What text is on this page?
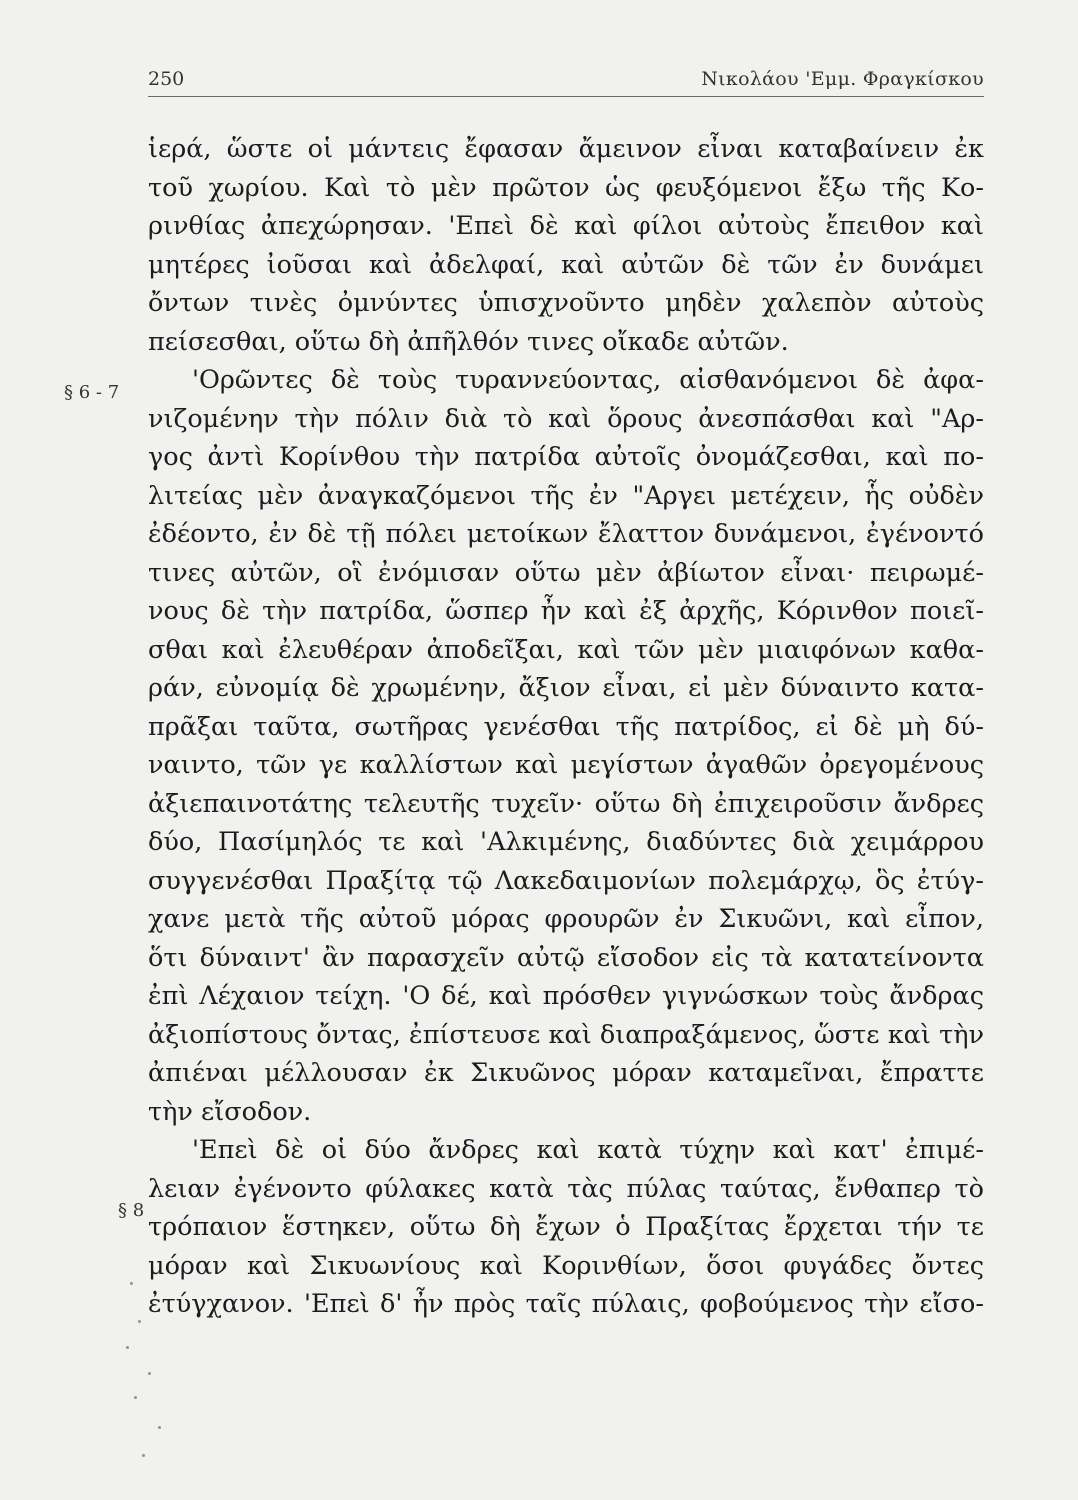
250	Νικολάου 'Εμμ. Φραγκίσκου
§ 6 - 7
§ 8
ἱερά, ὥστε οἱ μάντεις ἔφασαν ἄμεινον εἶναι καταβαίνειν ἐκ
τοῦ χωρίου. Καὶ τὸ μὲν πρῶτον ὡς φευξόμενοι ἔξω τῆς Κο-
ρινθίας ἀπεχώρησαν. 'Επεὶ δὲ καὶ φίλοι αὐτοὺς ἔπειθον καὶ
μητέρες ἰοῦσαι καὶ ἀδελφαί, καὶ αὐτῶν δὲ τῶν ἐν δυνάμει
ὄντων τινὲς ὀμνύντες ὑπισχνοῦντο μηδὲν χαλεπὸν αὐτοὺς
πείσεσθαι, οὕτω δὴ ἀπῆλθόν τινες οἴκαδε αὐτῶν.
'Ορῶντες δὲ τοὺς τυραννεύοντας, αἰσθανόμενοι δὲ ἀφα-
νιζομένην τὴν πόλιν διὰ τὸ καὶ ὅρους ἀνεσπάσθαι καὶ "Αρ-
γος ἀντὶ Κορίνθου τὴν πατρίδα αὐτοῖς ὀνομάζεσθαι, καὶ πο-
λιτείας μὲν ἀναγκαζόμενοι τῆς ἐν "Αργει μετέχειν, ἧς οὐδὲν
ἐδέοντο, ἐν δὲ τῇ πόλει μετοίκων ἔλαττον δυνάμενοι, ἐγένοντό
τινες αὐτῶν, οἳ ἐνόμισαν οὕτω μὲν ἀβίωτον εἶναι· πειρωμέ-
νους δὲ τὴν πατρίδα, ὥσπερ ἦν καὶ ἐξ ἀρχῆς, Κόρινθον ποιεῖ-
σθαι καὶ ἐλευθέραν ἀποδεῖξαι, καὶ τῶν μὲν μιαιφόνων καθα-
ράν, εὐνομίᾳ δὲ χρωμένην, ἄξιον εἶναι, εἰ μὲν δύναιντο κατα-
πρᾶξαι ταῦτα, σωτῆρας γενέσθαι τῆς πατρίδος, εἰ δὲ μὴ δύ-
ναιντο, τῶν γε καλλίστων καὶ μεγίστων ἀγαθῶν ὀρεγομένους
ἀξιεπαινοτάτης τελευτῆς τυχεῖν· οὕτω δὴ ἐπιχειροῦσιν ἄνδρες
δύο, Πασίμηλός τε καὶ 'Αλκιμένης, διαδύντες διὰ χειμάρρου
συγγενέσθαι Πραξίτᾳ τῷ Λακεδαιμονίων πολεμάρχῳ, ὃς ἐτύγ-
χανε μετὰ τῆς αὐτοῦ μόρας φρουρῶν ἐν Σικυῶνι, καὶ εἶπον,
ὅτι δύναιντ' ἂν παρασχεῖν αὐτῷ εἴσοδον εἰς τὰ κατατείνοντα
ἐπὶ Λέχαιον τείχη. 'Ο δέ, καὶ πρόσθεν γιγνώσκων τοὺς ἄνδρας
ἀξιοπίστους ὄντας, ἐπίστευσε καὶ διαπραξάμενος, ὥστε καὶ τὴν
ἀπιέναι μέλλουσαν ἐκ Σικυῶνος μόραν καταμεῖναι, ἔπραττε
τὴν εἴσοδον.
'Επεὶ δὲ οἱ δύο ἄνδρες καὶ κατὰ τύχην καὶ κατ' ἐπιμέ-
λειαν ἐγένοντο φύλακες κατὰ τὰς πύλας ταύτας, ἔνθαπερ τὸ
τρόπαιον ἕστηκεν, οὕτω δὴ ἔχων ὁ Πραξίτας ἔρχεται τήν τε
μόραν καὶ Σικυωνίους καὶ Κορινθίων, ὅσοι φυγάδες ὄντες
ἐτύγχανον. 'Επεὶ δ' ἦν πρὸς ταῖς πύλαις, φοβούμενος τὴν εἴσο-
